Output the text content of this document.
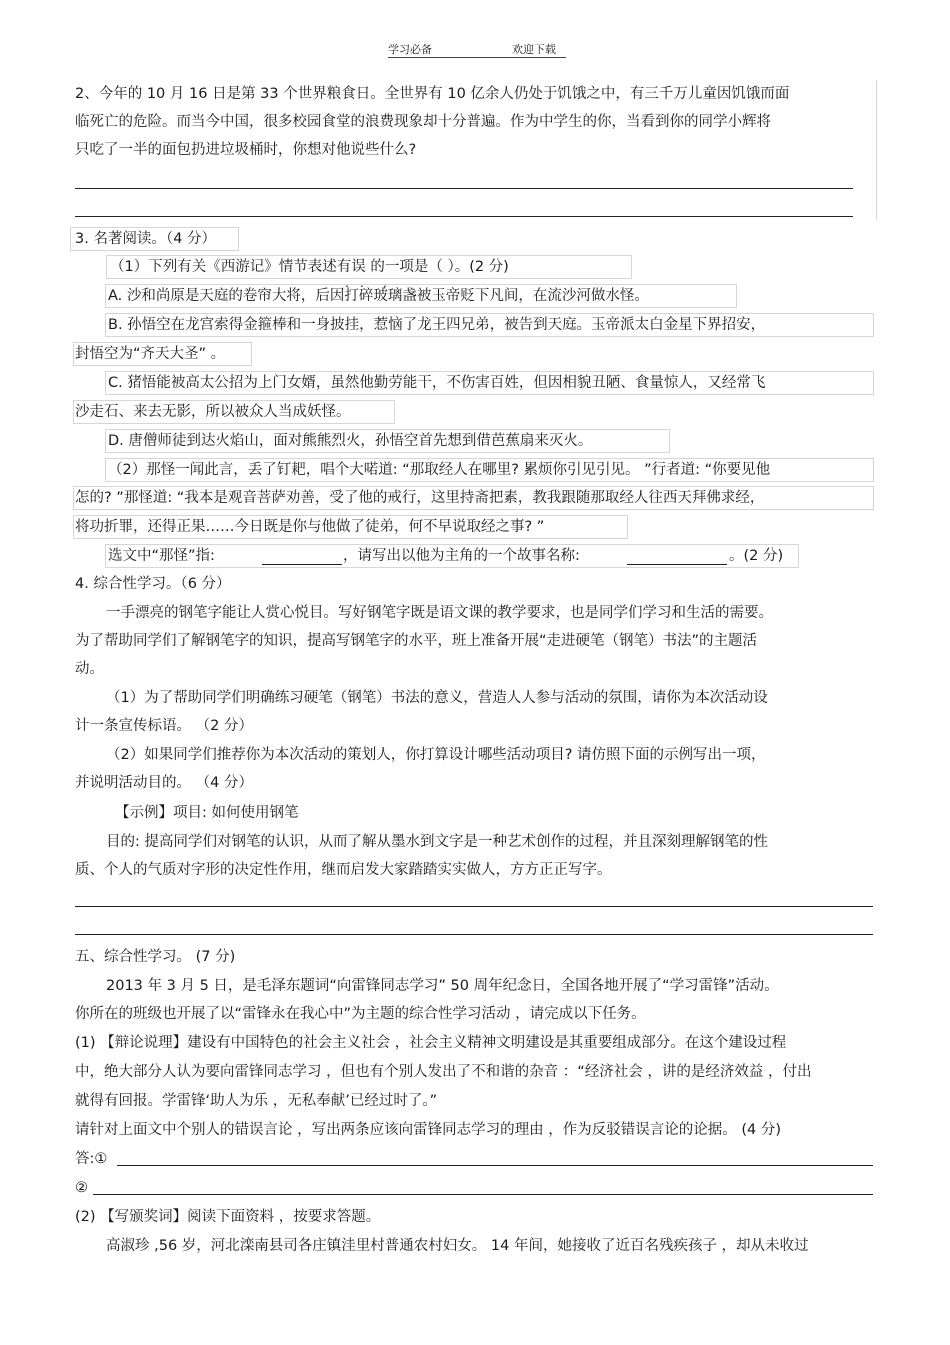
学习必备	欢迎下载
2、今年的 10 月 16 日是第 33 个世界粮食日。全世界有 10 亿余人仍处于饥饿之中，有三千万儿童因饥饿而面
临死亡的危险。而当今中国，很多校园食堂的浪费现象却十分普遍。作为中学生的你，当看到你的同学小辉将
只吃了一半的面包扔进垃圾桶时，你想对他说些什么?
3. 名著阅读。（4 分）
（1）下列有关《西游记》情节表述有误 的一项是（ ）。(2 分)
. . ,
A. 沙和尚原是天庭的卷帘大将，后因打碎玻璃盏被玉帝贬下凡间，在流沙河做水怪。
B. 孙悟空在龙宫索得金箍棒和一身披挂，惹恼了龙王四兄弟，被告到天庭。玉帝派太白金星下界招安，
封悟空为“齐天大圣” 。
C. 猪悟能被高太公招为上门女婿，虽然他勤劳能干，不伤害百姓，但因相貌丑陋、食量惊人，又经常飞
沙走石、来去无影，所以被众人当成妖怪。
D. 唐僧师徒到达火焰山，面对熊熊烈火，孙悟空首先想到借芭蕉扇来灭火。
（2）那怪一闻此言，丢了钉耙，唱个大喏道: “那取经人在哪里? 累烦你引见引见。 ”行者道: “你要见他
怎的? ”那怪道: “我本是观音菩萨劝善，受了他的戒行，这里持斋把素，教我跟随那取经人往西天拜佛求经，
将功折罪，还得正果……今日既是你与他做了徒弟，何不早说取经之事? ”
选文中“那怪”指:	，请写出以他为主角的一个故事名称:	。(2 分)
4. 综合性学习。（6 分）
一手漂亮的钢笔字能让人赏心悦目。写好钢笔字既是语文课的教学要求，也是同学们学习和生活的需要。
为了帮助同学们了解钢笔字的知识，提高写钢笔字的水平，班上准备开展“走进硬笔（钢笔）书法”的主题活
动。
（1）为了帮助同学们明确练习硬笔（钢笔）书法的意义，营造人人参与活动的氛围，请你为本次活动设
计一条宣传标语。 （2 分）
（2）如果同学们推荐你为本次活动的策划人，你打算设计哪些活动项目? 请仿照下面的示例写出一项，
并说明活动目的。 （4 分）
【示例】项目: 如何使用钢笔
目的: 提高同学们对钢笔的认识，从而了解从墨水到文字是一种艺术创作的过程，并且深刻理解钢笔的性
质、个人的气质对字形的决定性作用，继而启发大家踏踏实实做人，方方正正写字。
五、综合性学习。 (7 分)
2013 年 3 月 5 日，是毛泽东题词“向雷锋同志学习” 50 周年纪念日，全国各地开展了“学习雷锋”活动。
你所在的班级也开展了以“雷锋永在我心中”为主题的综合性学习活动 ，请完成以下任务。
(1) 【辩论说理】建设有中国特色的社会主义社会 ，社会主义精神文明建设是其重要组成部分。在这个建设过程
中，绝大部分人认为要向雷锋同志学习 ，但也有个别人发出了不和谐的杂音 ：“经济社会 ，讲的是经济效益 ，付出
就得有回报。学雷锋‘助人为乐 ，无私奉献’已经过时了。”
请针对上面文中个别人的错误言论 ，写出两条应该向雷锋同志学习的理由 ，作为反驳错误言论的论据。 (4 分)
答:①
②
(2) 【写颁奖词】阅读下面资料 ，按要求答题。
高淑珍 ,56 岁，河北滦南县司各庄镇洼里村普通农村妇女。 14 年间，她接收了近百名残疾孩子 ，却从未收过
